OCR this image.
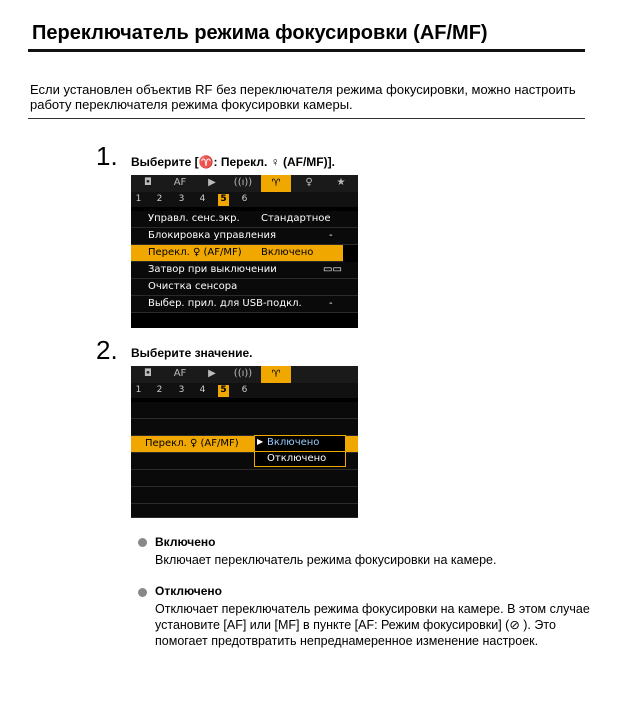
Переключатель режима фокусировки (AF/MF)
Если установлен объектив RF без переключателя режима фокусировки, можно настроить работу переключателя режима фокусировки камеры.
1. Выберите [♈: Перекл. ♀ (AF/MF)].
◘	AF	▶	((ı))	♈	♀	★
1 2 3 4 5 6
Управл. сенс.экр. Стандартное
Блокировка управления	-
Перекл. ♀ (AF/MF) Включено
Затвор при выключении	▭▭
Очистка сенсора
Выбер. прил. для USB-подкл.	-
2. Выберите значение.
◘	AF	▶	((ı))	♈
1 2 3 4 5 6
Перекл. ♀ (AF/MF) ▶ Включено
Отключено
Включено
Включает переключатель режима фокусировки на камере.
Отключено
Отключает переключатель режима фокусировки на камере. В этом случае установите [AF] или [MF] в пункте [AF: Режим фокусировки] (⊘ ). Это помогает предотвратить непреднамеренное изменение настроек.
